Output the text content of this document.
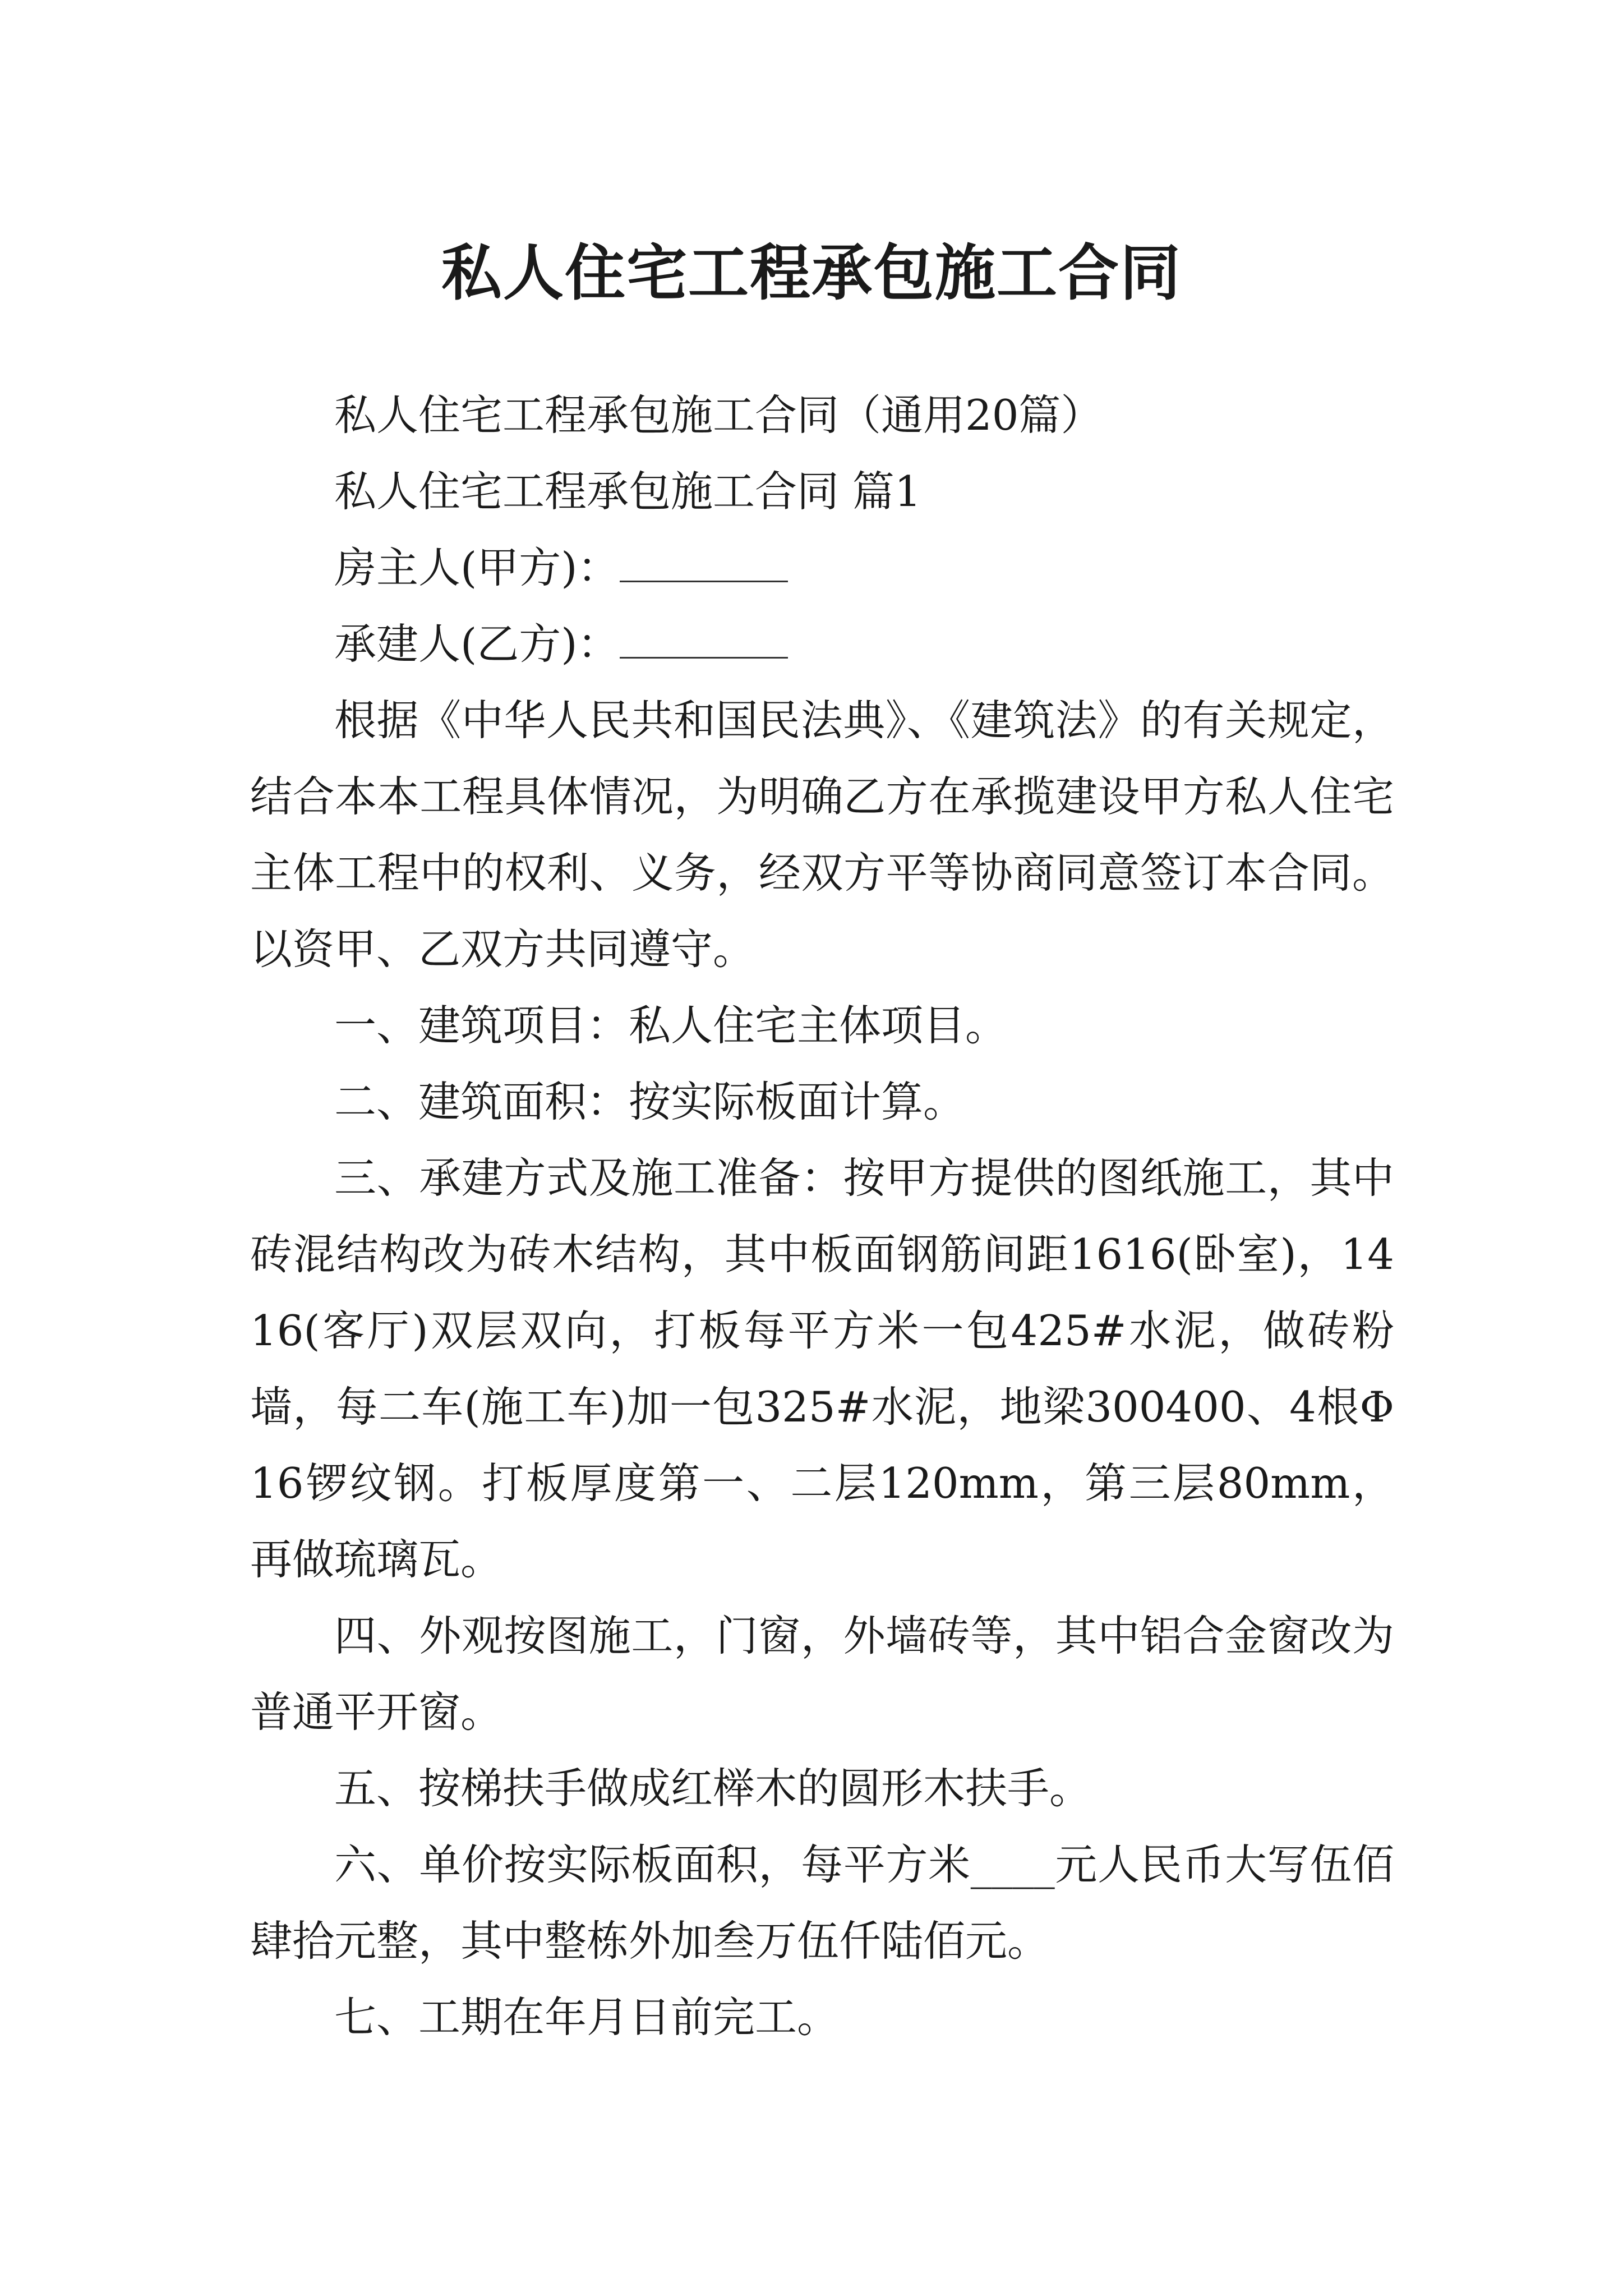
私人住宅工程承包施工合同

私人住宅工程承包施工合同（通用20篇）

私人住宅工程承包施工合同 篇1

房主人(甲方)：

承建人(乙方)：

根据《中华人民共和国民法典》、《建筑法》的有关规定，结合本本工程具体情况，为明确乙方在承揽建设甲方私人住宅主体工程中的权利、义务，经双方平等协商同意签订本合同。以资甲、乙双方共同遵守。

一、建筑项目：私人住宅主体项目。

二、建筑面积：按实际板面计算。

三、承建方式及施工准备：按甲方提供的图纸施工，其中砖混结构改为砖木结构，其中板面钢筋间距1616(卧室)，1416(客厅)双层双向，打板每平方米一包425#水泥，做砖粉墙，每二车(施工车)加一包325#水泥，地梁300400、4根Φ16锣纹钢。打板厚度第一、二层120mm，第三层80mm，再做琉璃瓦。

四、外观按图施工，门窗，外墙砖等，其中铝合金窗改为普通平开窗。

五、按梯扶手做成红榉木的圆形木扶手。

六、单价按实际板面积，每平方米____元人民币大写伍佰肆拾元整，其中整栋外加叁万伍仟陆佰元。

七、工期在年月日前完工。
